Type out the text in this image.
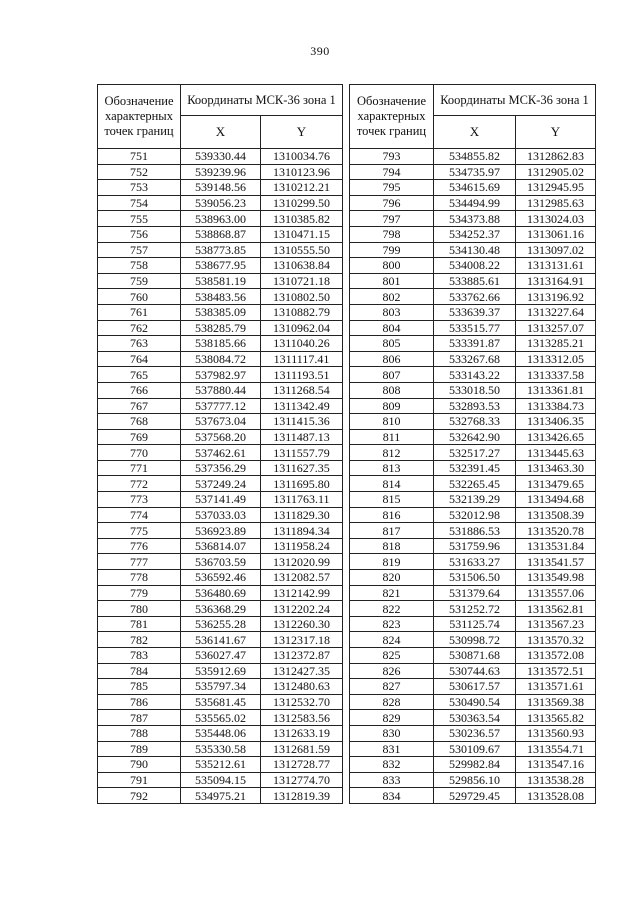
390
Обозначение характерных точек границ	Координаты МСК-36 зона 1	
	X	Y
751	539330.44	1310034.76
752	539239.96	1310123.96
753	539148.56	1310212.21
754	539056.23	1310299.50
755	538963.00	1310385.82
756	538868.87	1310471.15
757	538773.85	1310555.50
758	538677.95	1310638.84
759	538581.19	1310721.18
760	538483.56	1310802.50
761	538385.09	1310882.79
762	538285.79	1310962.04
763	538185.66	1311040.26
764	538084.72	1311117.41
765	537982.97	1311193.51
766	537880.44	1311268.54
767	537777.12	1311342.49
768	537673.04	1311415.36
769	537568.20	1311487.13
770	537462.61	1311557.79
771	537356.29	1311627.35
772	537249.24	1311695.80
773	537141.49	1311763.11
774	537033.03	1311829.30
775	536923.89	1311894.34
776	536814.07	1311958.24
777	536703.59	1312020.99
778	536592.46	1312082.57
779	536480.69	1312142.99
780	536368.29	1312202.24
781	536255.28	1312260.30
782	536141.67	1312317.18
783	536027.47	1312372.87
784	535912.69	1312427.35
785	535797.34	1312480.63
786	535681.45	1312532.70
787	535565.02	1312583.56
788	535448.06	1312633.19
789	535330.58	1312681.59
790	535212.61	1312728.77
791	535094.15	1312774.70
792	534975.21	1312819.39
Обозначение характерных точек границ	Координаты МСК-36 зона 1	
	X	Y
793	534855.82	1312862.83
794	534735.97	1312905.02
795	534615.69	1312945.95
796	534494.99	1312985.63
797	534373.88	1313024.03
798	534252.37	1313061.16
799	534130.48	1313097.02
800	534008.22	1313131.61
801	533885.61	1313164.91
802	533762.66	1313196.92
803	533639.37	1313227.64
804	533515.77	1313257.07
805	533391.87	1313285.21
806	533267.68	1313312.05
807	533143.22	1313337.58
808	533018.50	1313361.81
809	532893.53	1313384.73
810	532768.33	1313406.35
811	532642.90	1313426.65
812	532517.27	1313445.63
813	532391.45	1313463.30
814	532265.45	1313479.65
815	532139.29	1313494.68
816	532012.98	1313508.39
817	531886.53	1313520.78
818	531759.96	1313531.84
819	531633.27	1313541.57
820	531506.50	1313549.98
821	531379.64	1313557.06
822	531252.72	1313562.81
823	531125.74	1313567.23
824	530998.72	1313570.32
825	530871.68	1313572.08
826	530744.63	1313572.51
827	530617.57	1313571.61
828	530490.54	1313569.38
829	530363.54	1313565.82
830	530236.57	1313560.93
831	530109.67	1313554.71
832	529982.84	1313547.16
833	529856.10	1313538.28
834	529729.45	1313528.08
